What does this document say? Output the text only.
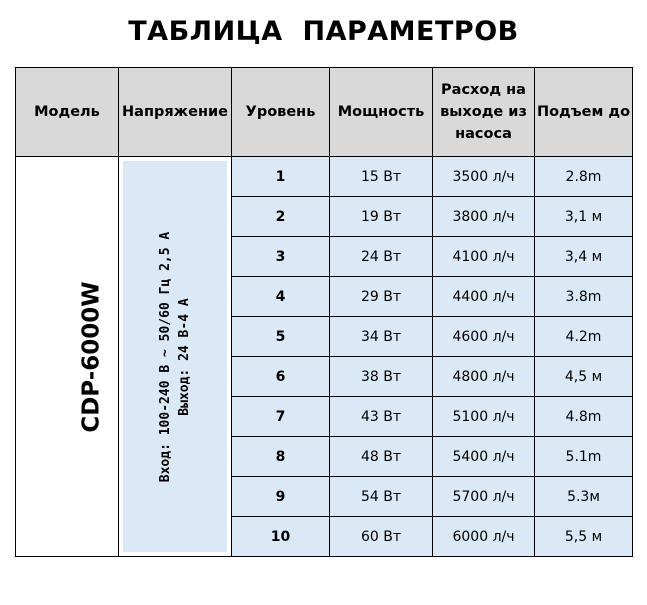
ТАБЛИЦА ПАРАМЕТРОВ
Модель	Напряжение	Уровень	Мощность	Расход на
выходе из
насоса	Подъем до
CDP-6000W	Вход: 100-240 В ~ 50/60 Гц 2,5 А Выход: 24 В-4 А	1	15 Вт	3500 л/ч	2.8m
		2	19 Вт	3800 л/ч	3,1 м
		3	24 Вт	4100 л/ч	3,4 м
		4	29 Вт	4400 л/ч	3.8m
		5	34 Вт	4600 л/ч	4.2m
		6	38 Вт	4800 л/ч	4,5 м
		7	43 Вт	5100 л/ч	4.8m
		8	48 Вт	5400 л/ч	5.1m
		9	54 Вт	5700 л/ч	5.3м
		10	60 Вт	6000 л/ч	5,5 м
